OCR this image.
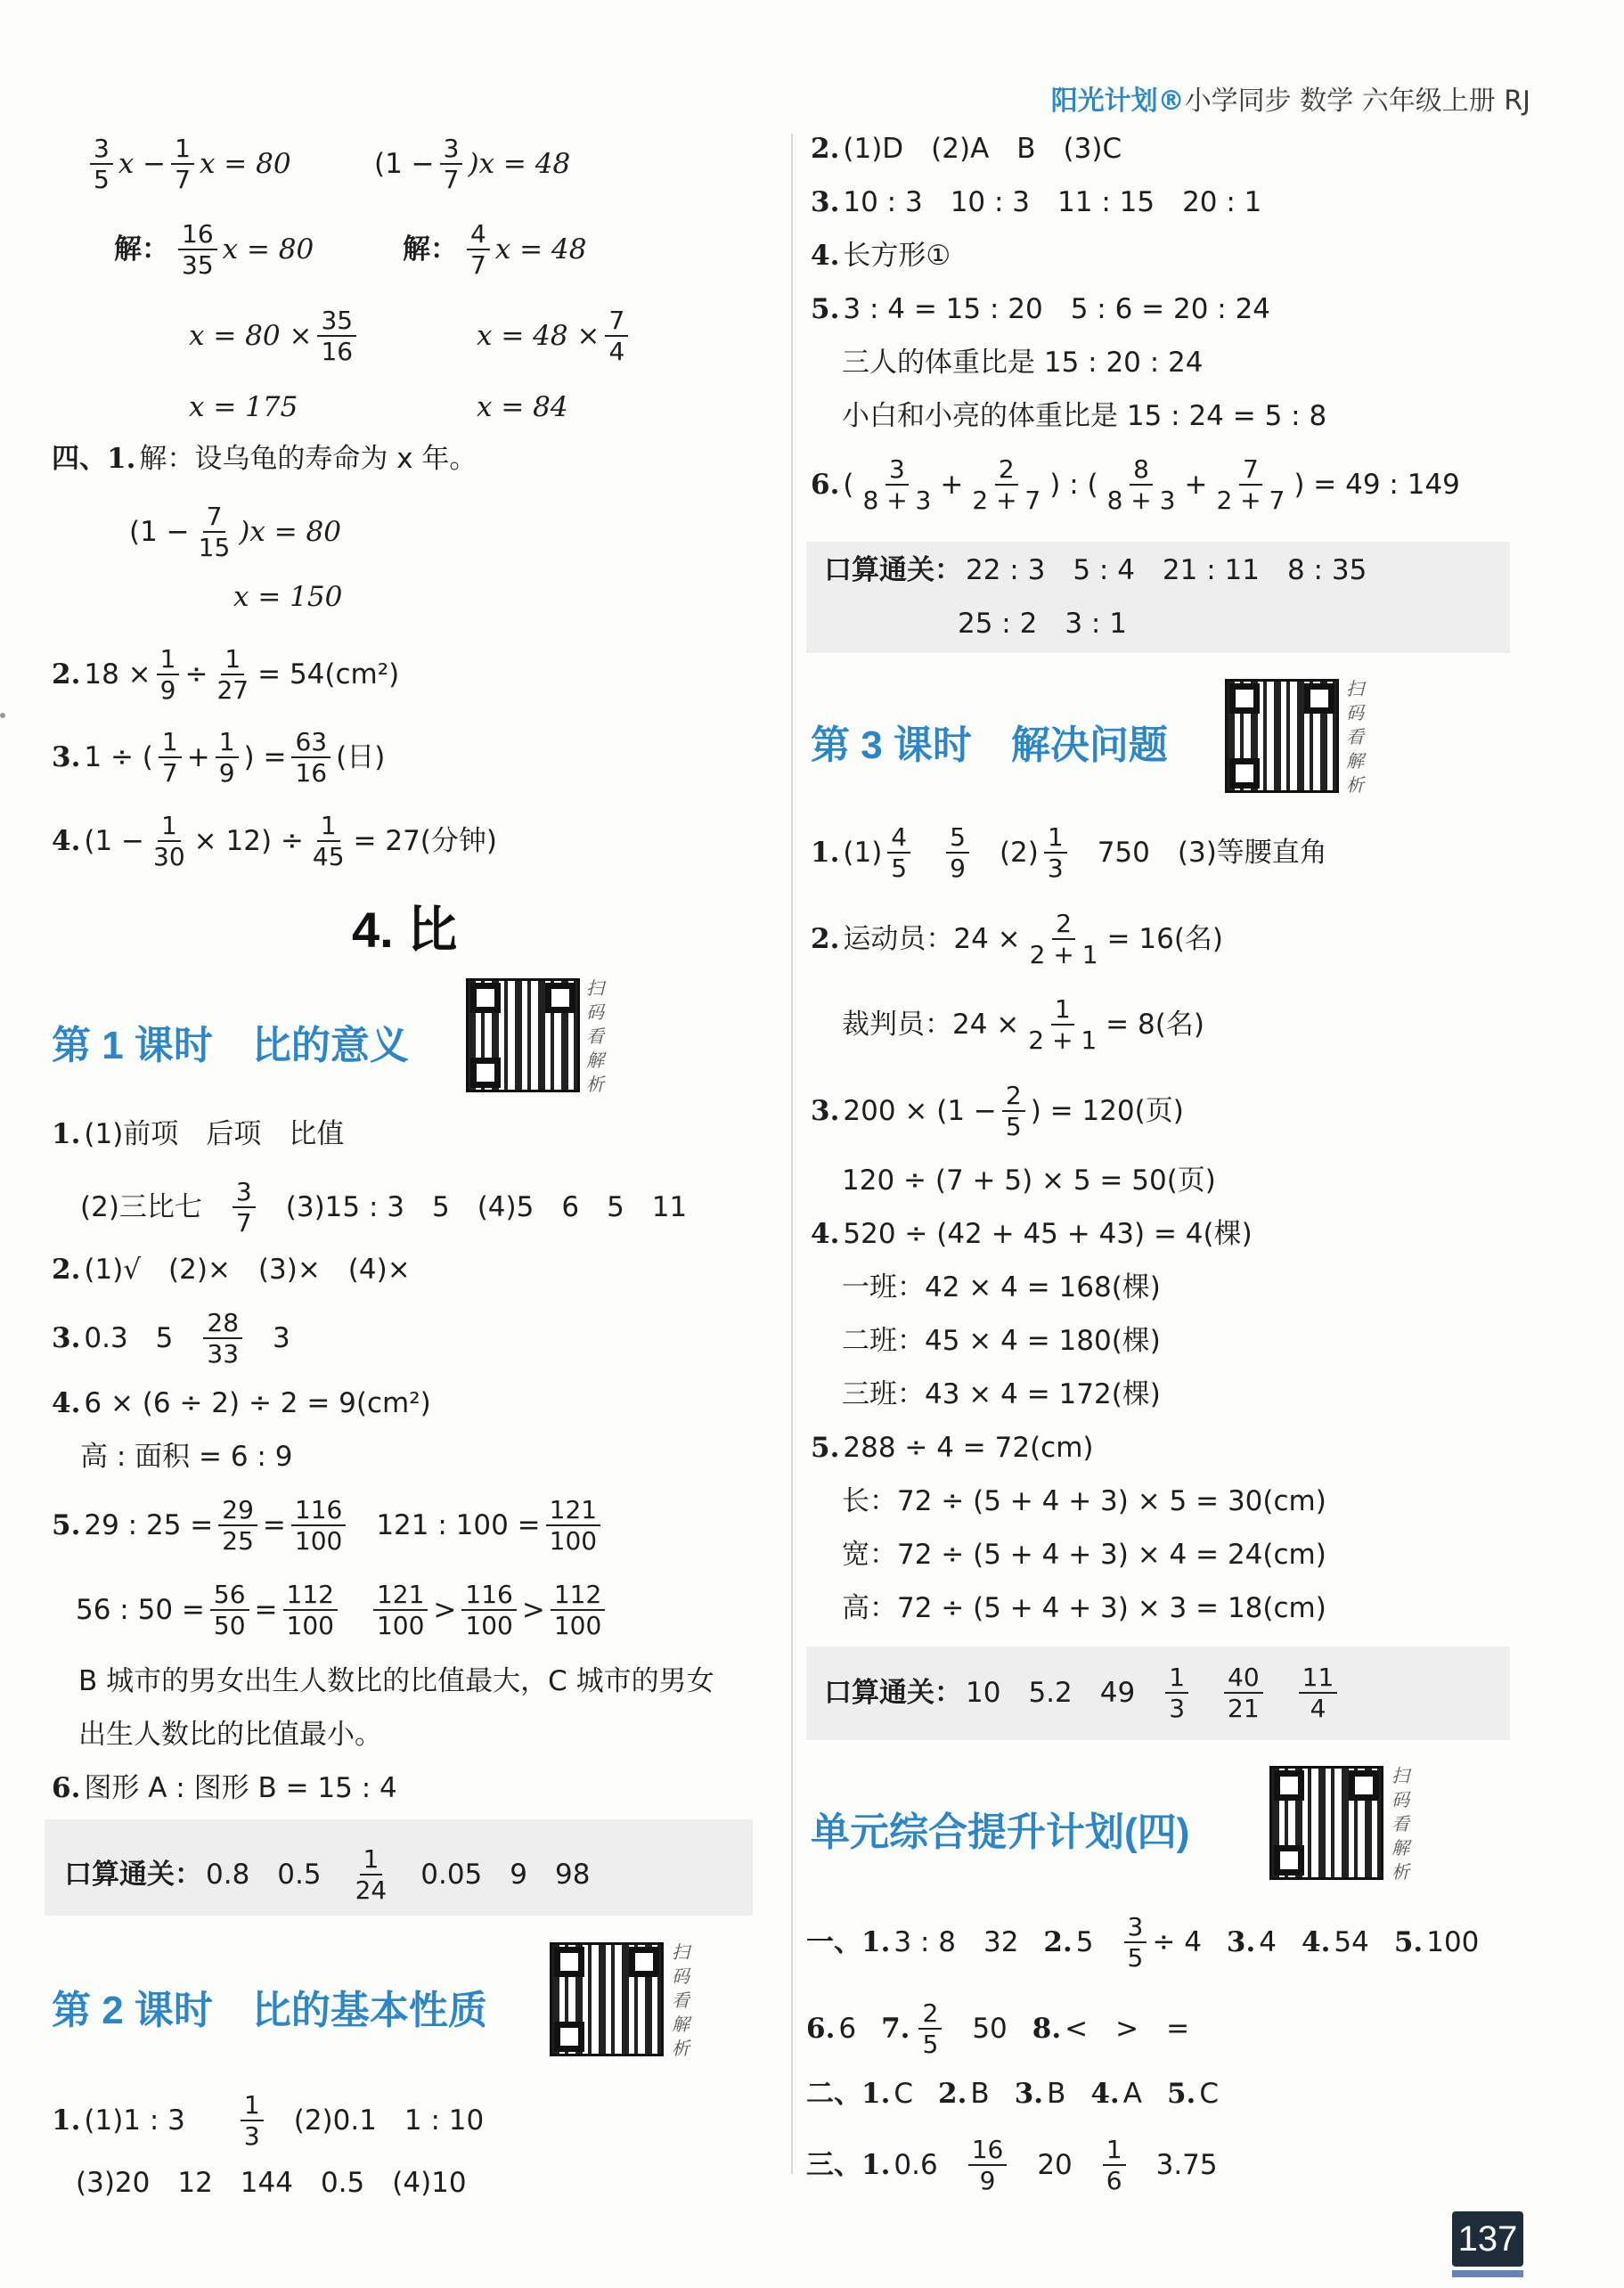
阳光计划®小学同步 数学 六年级上册 RJ
$\frac{3}{5}$ $x - \frac{1}{7}$ x = 80	$(1 - \frac{3}{7} )x = 48$
解： $\frac{16}{35}$ x = 80	解： $\frac{4}{7}$ x = 48
$x = 80 \times \frac{35}{16}$	$x = 48 \times \frac{7}{4}$
x = 175	x = 84
四、1. 解：设乌龟的寿命为 x 年。
$(1 - \frac{7}{15} )x = 80$
x = 150
2. $18 \times \frac{1}{9} \div \frac{1}{27} = 54(cm^2)$
3. 1 ÷ ( $\frac{1}{7} + \frac{1}{9}$ ) = $\frac{63}{16}$ (日)
4. $(1 - \frac{1}{30} \times 12) \div \frac{1}{45} = 27$(分钟)
4. 比
第 1 课时　比的意义
扫码看解析
1. (1)前项　后项　比值
(2)三比七 $\frac{3}{7} (3)15$ : 3　5　(4)5　6　5　11
2. (1)√　(2)×　(3)×　(4)×
3. 0.3　$5 \frac{28}{33} 3$
4. 6 × (6 ÷ 2) ÷ 2 = 9(cm²)
高 : 面积 = 6 : 9
5. 29 : $25 = \frac{29}{25} = \frac{116}{100} 121$ : $100 = \frac{121}{100}$
56 : $50 = \frac{56}{50} = \frac{112}{100} \frac{121}{100} > \frac{116}{100} > \frac{112}{100}$
B 城市的男女出生人数比的比值最大，C 城市的男女
出生人数比的比值最小。
6. 图形 A : 图形 B = 15 : 4
口算通关： 0.8　$0.5 \frac{1}{24} 0.05$　9　98
第 2 课时　比的基本性质
扫码看解析
1. (1)1 : $3 \frac{1}{3} (2)0.1$　1 : 10
(3)20　12　144　0.5　(4)10
2. (1)D　(2)A　B　(3)C
3. 10 : 3　10 : 3　11 : 15　20 : 1
4. 长方形①
5. 3 : 4 = 15 : 20　5 : 6 = 20 : 24
三人的体重比是 15 : 20 : 24
小白和小亮的体重比是 15 : 24 = 5 : 8
6. ( $\frac{3}{8 + 3} + \frac{2}{2 + 7}$ ) : ( $\frac{8}{8 + 3} + \frac{7}{2 + 7}$ ) = 49 : 149
口算通关： 22 : 3　5 : 4　21 : 11　8 : 35
25 : 2　3 : 1
第 3 课时　解决问题
扫码看解析
1. $(1) \frac{4}{5} \frac{5}{9} (2) \frac{1}{3} 750$　(3)等腰直角
2. 运动员：$24 \times \frac{2}{2 + 1} = 16$(名)
裁判员：$24 \times \frac{1}{2 + 1} = 8$(名)
3. $200 \times (1 - \frac{2}{5}$ ) = 120(页)
120 ÷ (7 + 5) × 5 = 50(页)
4. 520 ÷ (42 + 45 + 43) = 4(棵)
一班：42 × 4 = 168(棵)
二班：45 × 4 = 180(棵)
三班：43 × 4 = 172(棵)
5. 288 ÷ 4 = 72(cm)
长：72 ÷ (5 + 4 + 3) × 5 = 30(cm)
宽：72 ÷ (5 + 4 + 3) × 4 = 24(cm)
高：72 ÷ (5 + 4 + 3) × 3 = 18(cm)
口算通关： 10　5.2　$49 \frac{1}{3} \frac{40}{21} \frac{11}{4}$
单元综合提升计划(四)
扫码看解析
一、1. 3 : 8　32 2. $5 \frac{3}{5} \div 4$ 3. 4 4. 54 5. 100
6. 6 7. $\frac{2}{5} 50$ 8. <　>　=
二、1. C 2. B 3. B 4. A 5. C
三、1. $0.6 \frac{16}{9} 20 \frac{1}{6} 3.75$
137
